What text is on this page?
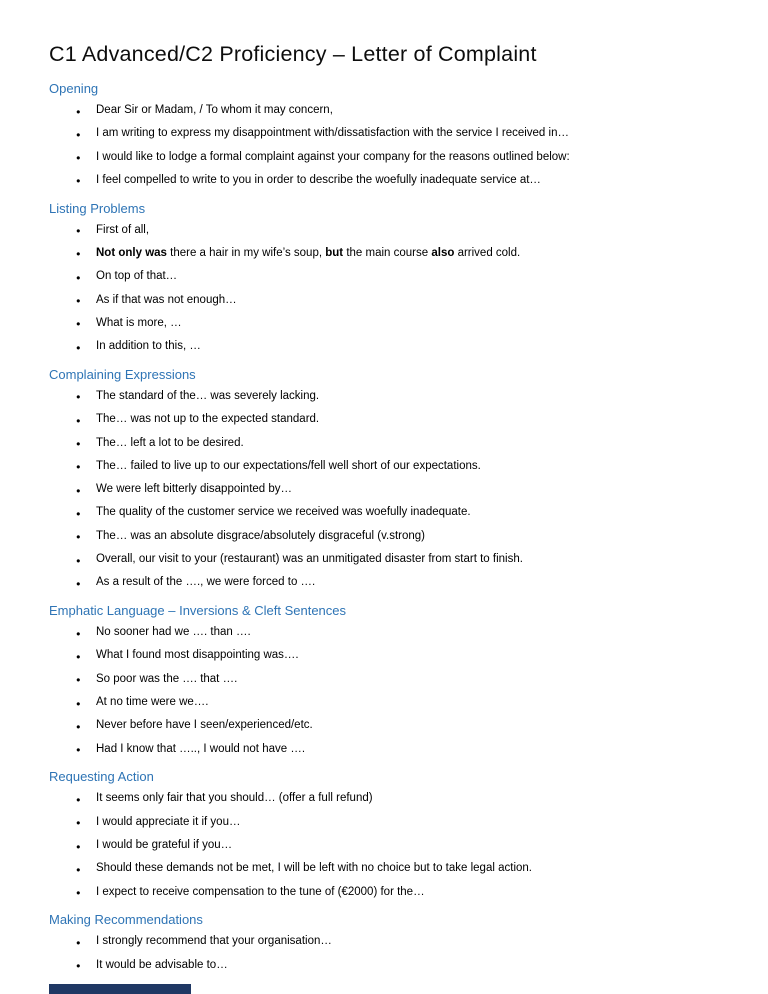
C1 Advanced/C2 Proficiency – Letter of Complaint
Opening
● Dear Sir or Madam, / To whom it may concern,
● I am writing to express my disappointment with/dissatisfaction with the service I received in…
● I would like to lodge a formal complaint against your company for the reasons outlined below:
● I feel compelled to write to you in order to describe the woefully inadequate service at…
Listing Problems
● First of all,
● Not only was there a hair in my wife’s soup, but the main course also arrived cold.
● On top of that…
● As if that was not enough…
● What is more, …
● In addition to this, …
Complaining Expressions
● The standard of the… was severely lacking.
● The… was not up to the expected standard.
● The… left a lot to be desired.
● The… failed to live up to our expectations/fell well short of our expectations.
● We were left bitterly disappointed by…
● The quality of the customer service we received was woefully inadequate.
● The… was an absolute disgrace/absolutely disgraceful (v.strong)
● Overall, our visit to your (restaurant) was an unmitigated disaster from start to finish.
● As a result of the …., we were forced to ….
Emphatic Language – Inversions & Cleft Sentences
● No sooner had we …. than ….
● What I found most disappointing was….
● So poor was the …. that ….
● At no time were we….
● Never before have I seen/experienced/etc.
● Had I know that ….., I would not have ….
Requesting Action
● It seems only fair that you should… (offer a full refund)
● I would appreciate it if you…
● I would be grateful if you…
● Should these demands not be met, I will be left with no choice but to take legal action.
● I expect to receive compensation to the tune of (€2000) for the…
Making Recommendations
● I strongly recommend that your organisation…
● It would be advisable to…
